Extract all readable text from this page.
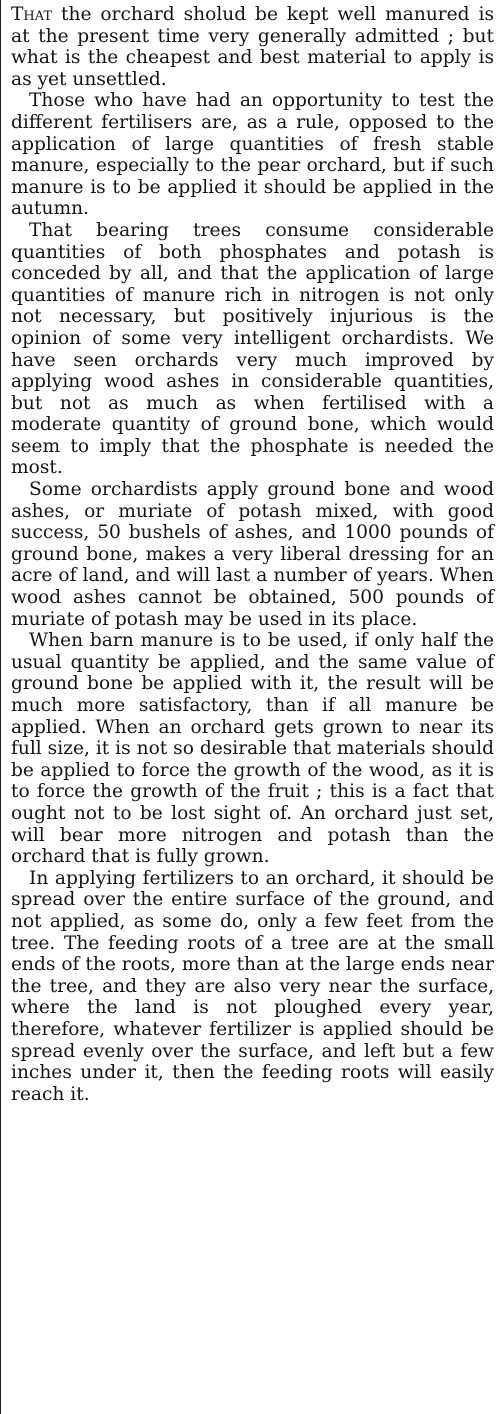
That the orchard sholud be kept well manured is at the present time very generally admitted ; but what is the cheapest and best material to apply is as yet unsettled.

Those who have had an opportunity to test the different fertilisers are, as a rule, opposed to the application of large quantities of fresh stable manure, especially to the pear orchard, but if such manure is to be applied it should be applied in the autumn.

That bearing trees consume considerable quantities of both phosphates and potash is conceded by all, and that the application of large quantities of manure rich in nitrogen is not only not necessary, but positively injurious is the opinion of some very intelligent orchardists. We have seen orchards very much improved by applying wood ashes in considerable quantities, but not as much as when fertilised with a moderate quantity of ground bone, which would seem to imply that the phosphate is needed the most.

Some orchardists apply ground bone and wood ashes, or muriate of potash mixed, with good success, 50 bushels of ashes, and 1000 pounds of ground bone, makes a very liberal dressing for an acre of land, and will last a number of years. When wood ashes cannot be obtained, 500 pounds of muriate of potash may be used in its place.

When barn manure is to be used, if only half the usual quantity be applied, and the same value of ground bone be applied with it, the result will be much more satisfactory, than if all manure be applied. When an orchard gets grown to near its full size, it is not so desirable that materials should be applied to force the growth of the wood, as it is to force the growth of the fruit ; this is a fact that ought not to be lost sight of. An orchard just set, will bear more nitrogen and potash than the orchard that is fully grown.

In applying fertilizers to an orchard, it should be spread over the entire surface of the ground, and not applied, as some do, only a few feet from the tree. The feeding roots of a tree are at the small ends of the roots, more than at the large ends near the tree, and they are also very near the surface, where the land is not ploughed every year, therefore, whatever fertilizer is applied should be spread evenly over the surface, and left but a few inches under it, then the feeding roots will easily reach it.
